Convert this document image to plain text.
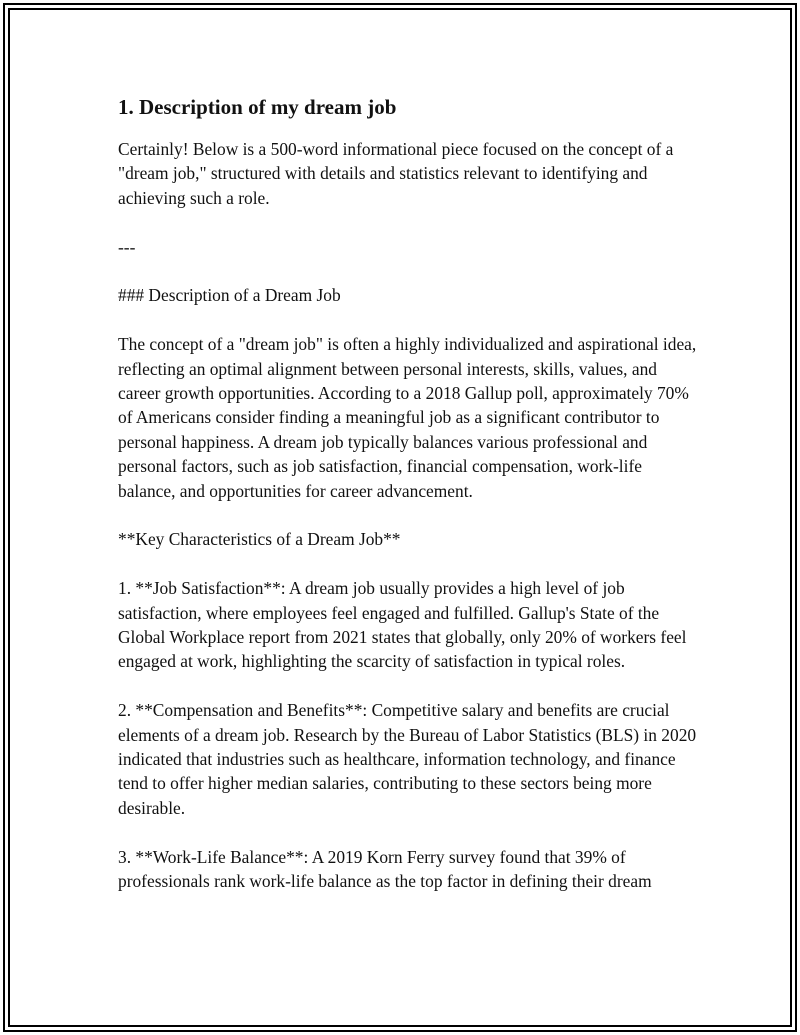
1. Description of my dream job

Certainly! Below is a 500-word informational piece focused on the concept of a "dream job," structured with details and statistics relevant to identifying and achieving such a role.

---

### Description of a Dream Job

The concept of a "dream job" is often a highly individualized and aspirational idea, reflecting an optimal alignment between personal interests, skills, values, and career growth opportunities. According to a 2018 Gallup poll, approximately 70% of Americans consider finding a meaningful job as a significant contributor to personal happiness. A dream job typically balances various professional and personal factors, such as job satisfaction, financial compensation, work-life balance, and opportunities for career advancement.

**Key Characteristics of a Dream Job**

1. **Job Satisfaction**: A dream job usually provides a high level of job satisfaction, where employees feel engaged and fulfilled. Gallup's State of the Global Workplace report from 2021 states that globally, only 20% of workers feel engaged at work, highlighting the scarcity of satisfaction in typical roles.

2. **Compensation and Benefits**: Competitive salary and benefits are crucial elements of a dream job. Research by the Bureau of Labor Statistics (BLS) in 2020 indicated that industries such as healthcare, information technology, and finance tend to offer higher median salaries, contributing to these sectors being more desirable.

3. **Work-Life Balance**: A 2019 Korn Ferry survey found that 39% of professionals rank work-life balance as the top factor in defining their dream
